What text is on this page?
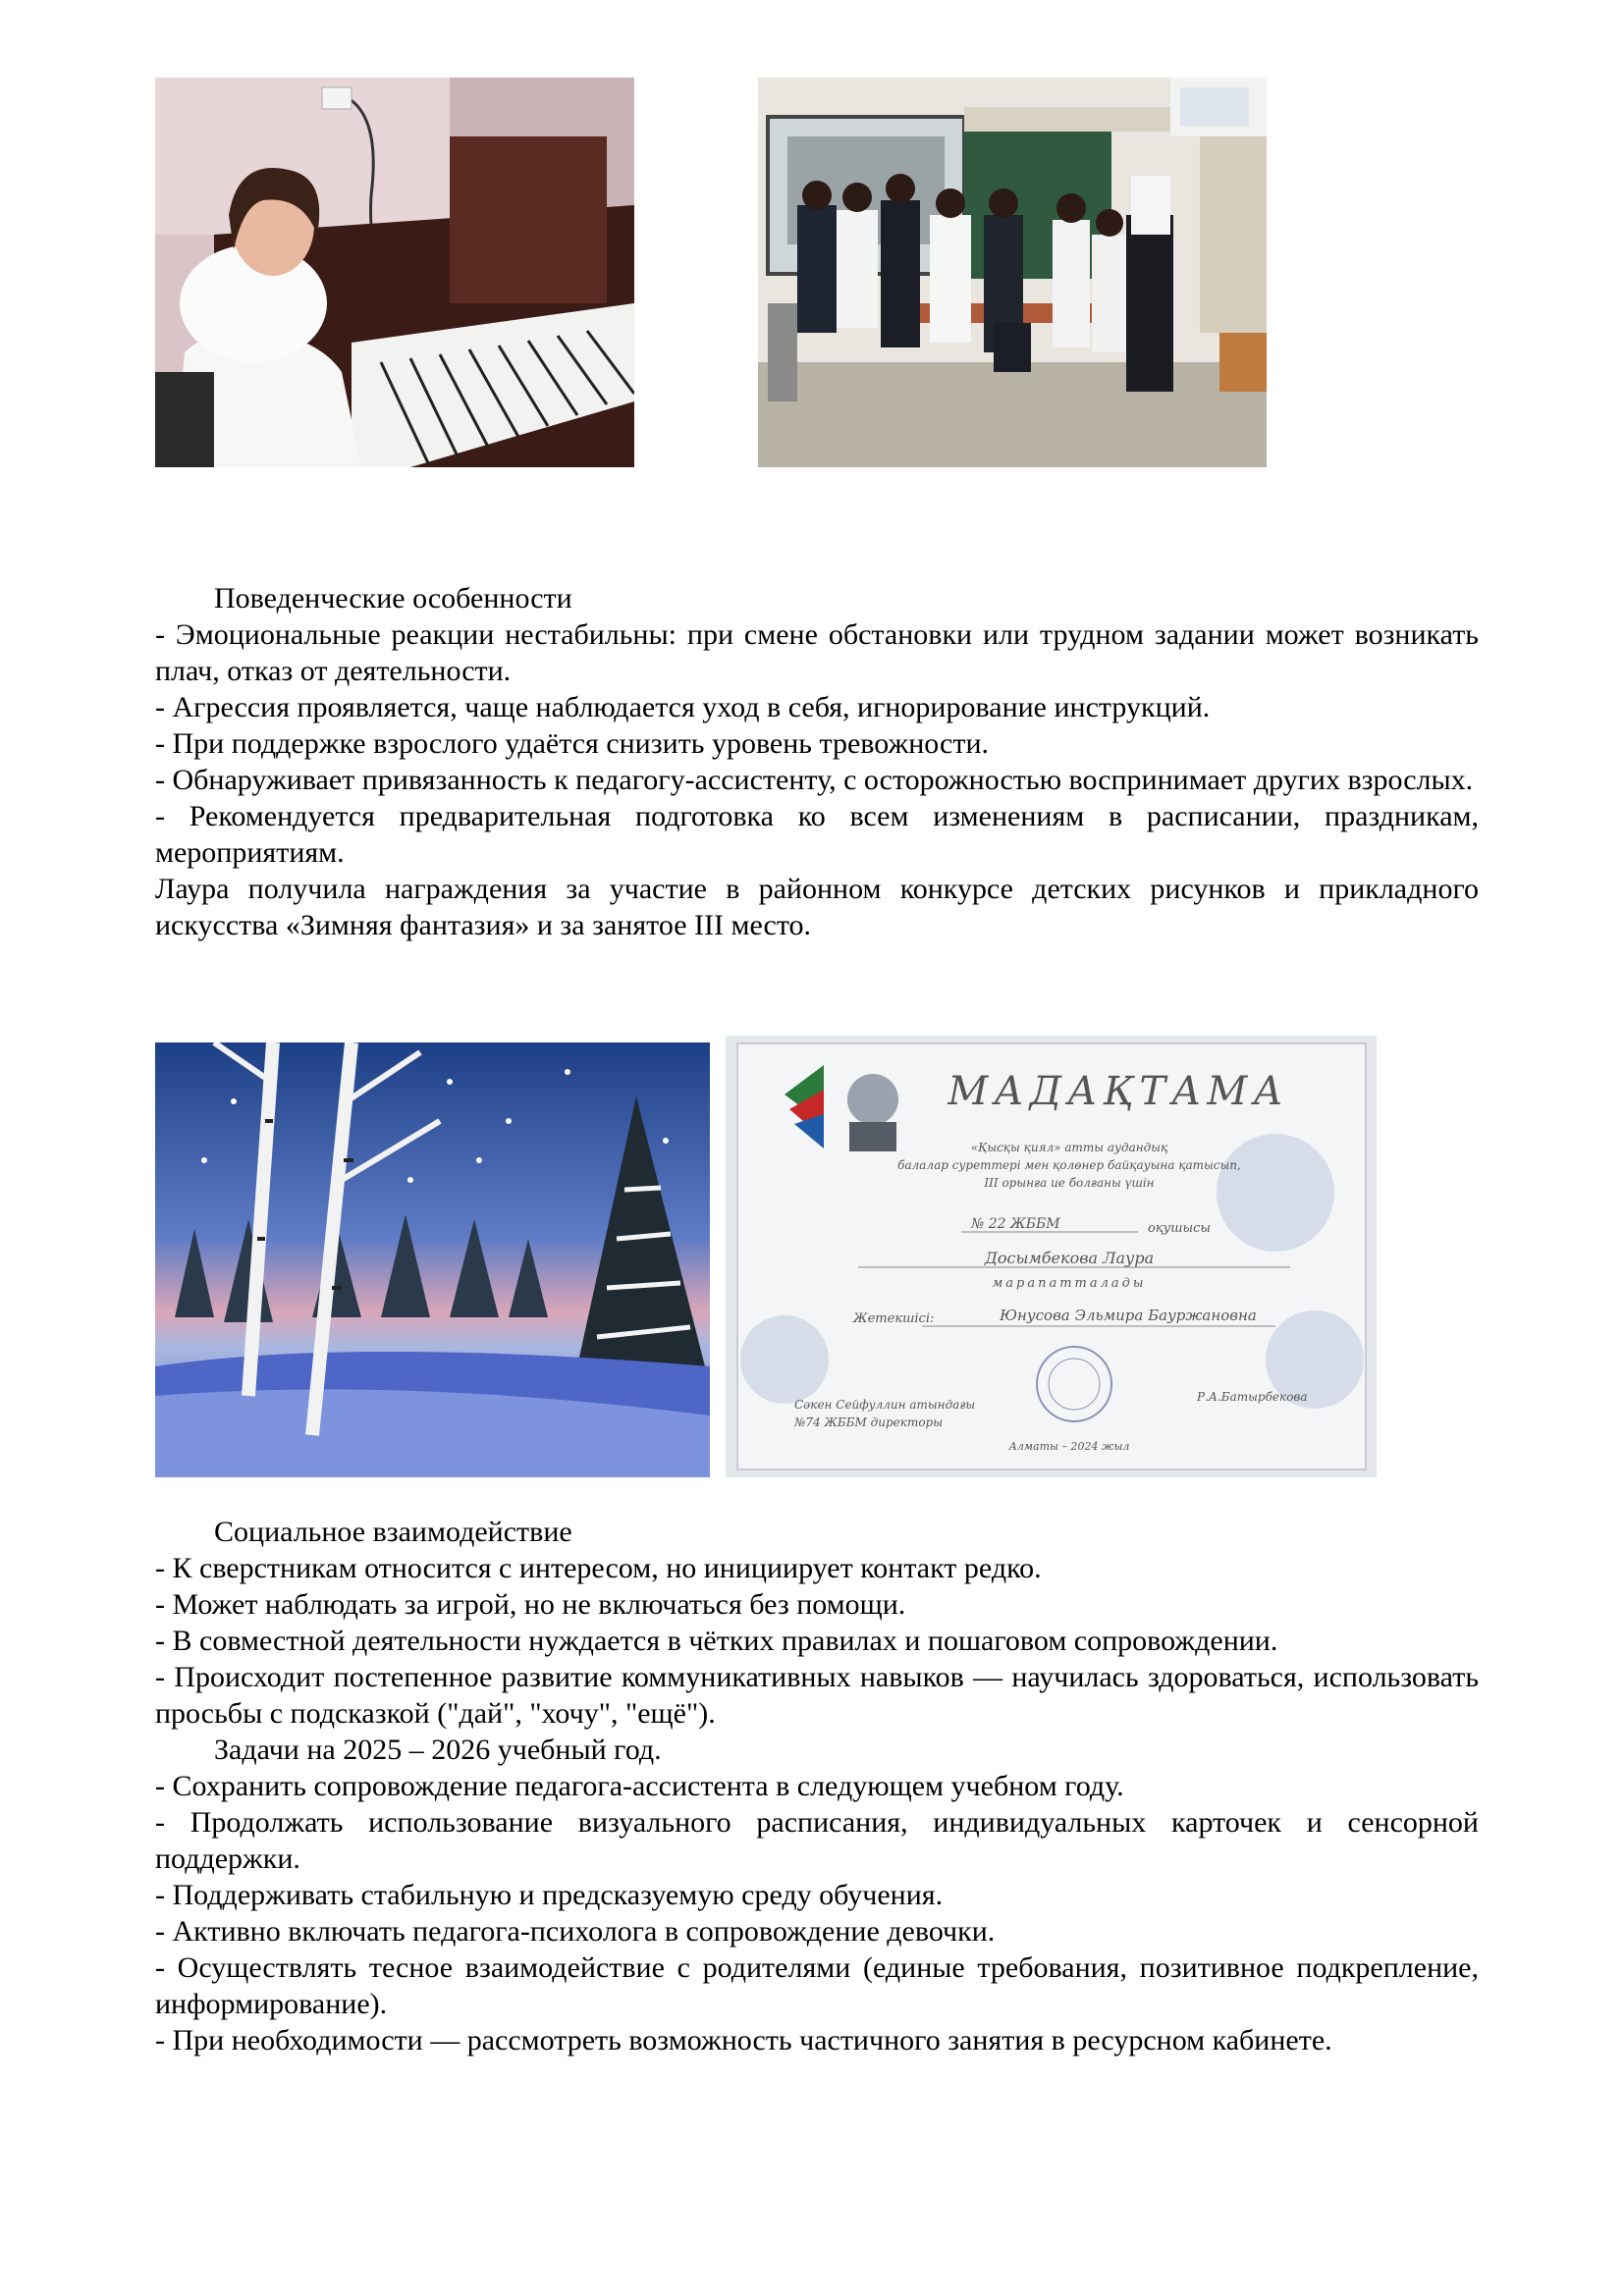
Поведенческие особенности

- Эмоциональные реакции нестабильны: при смене обстановки или трудном задании может возникать плач, отказ от деятельности.

- Агрессия проявляется, чаще наблюдается уход в себя, игнорирование инструкций.

- При поддержке взрослого удаётся снизить уровень тревожности.

- Обнаруживает привязанность к педагогу-ассистенту, с осторожностью воспринимает других взрослых.

- Рекомендуется предварительная подготовка ко всем изменениям в расписании, праздникам, мероприятиям.

Лаура получила награждения за участие в районном конкурсе детских рисунков и прикладного искусства «Зимняя фантазия» и за занятое III место.

МАДАҚТАМА
«Қысқы қиял» атты аудандық
балалар суреттері мен қолөнер байқауына қатысып,
III орынға ие болғаны үшін
№ 22 ЖББМ	оқушысы
Досымбекова Лаура
марапатталады
Жетекшісі:	Юнусова Эльмира Бауржановна
Сәкен Сейфуллин атындағы
№74 ЖББМ директоры
Р.А.Батырбекова
Алматы – 2024 жыл

Социальное взаимодействие

- К сверстникам относится с интересом, но инициирует контакт редко.

- Может наблюдать за игрой, но не включаться без помощи.

- В совместной деятельности нуждается в чётких правилах и пошаговом сопровождении.

- Происходит постепенное развитие коммуникативных навыков — научилась здороваться, использовать просьбы с подсказкой ("дай", "хочу", "ещё").

Задачи на 2025 – 2026 учебный год.

- Сохранить сопровождение педагога-ассистента в следующем учебном году.

- Продолжать использование визуального расписания, индивидуальных карточек и сенсорной поддержки.

- Поддерживать стабильную и предсказуемую среду обучения.

- Активно включать педагога-психолога в сопровождение девочки.

- Осуществлять тесное взаимодействие с родителями (единые требования, позитивное подкрепление, информирование).

- При необходимости — рассмотреть возможность частичного занятия в ресурсном кабинете.
